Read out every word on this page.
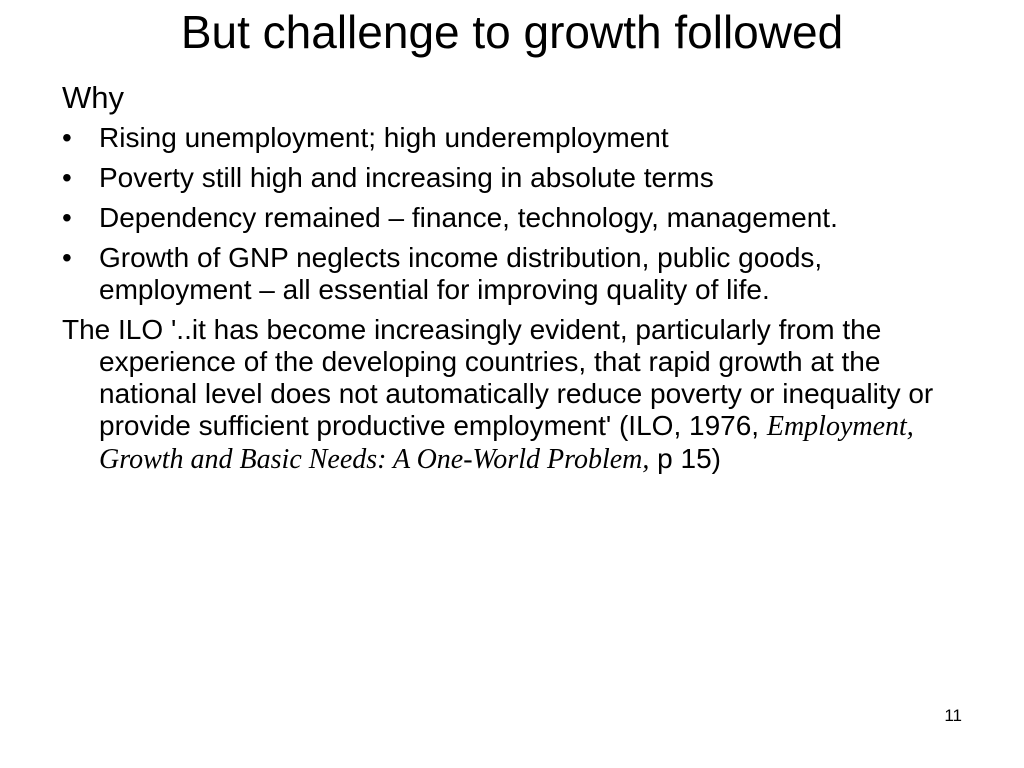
But challenge to growth followed
Why
• Rising unemployment; high underemployment
• Poverty still high and increasing in absolute terms
• Dependency remained – finance, technology, management.
• Growth of GNP neglects income distribution, public goods, employment – all essential for improving quality of life.
The ILO '..it has become increasingly evident, particularly from the experience of the developing countries, that rapid growth at the national level does not automatically reduce poverty or inequality or provide sufficient productive employment' (ILO, 1976, Employment, Growth and Basic Needs: A One-World Problem, p 15)
11
